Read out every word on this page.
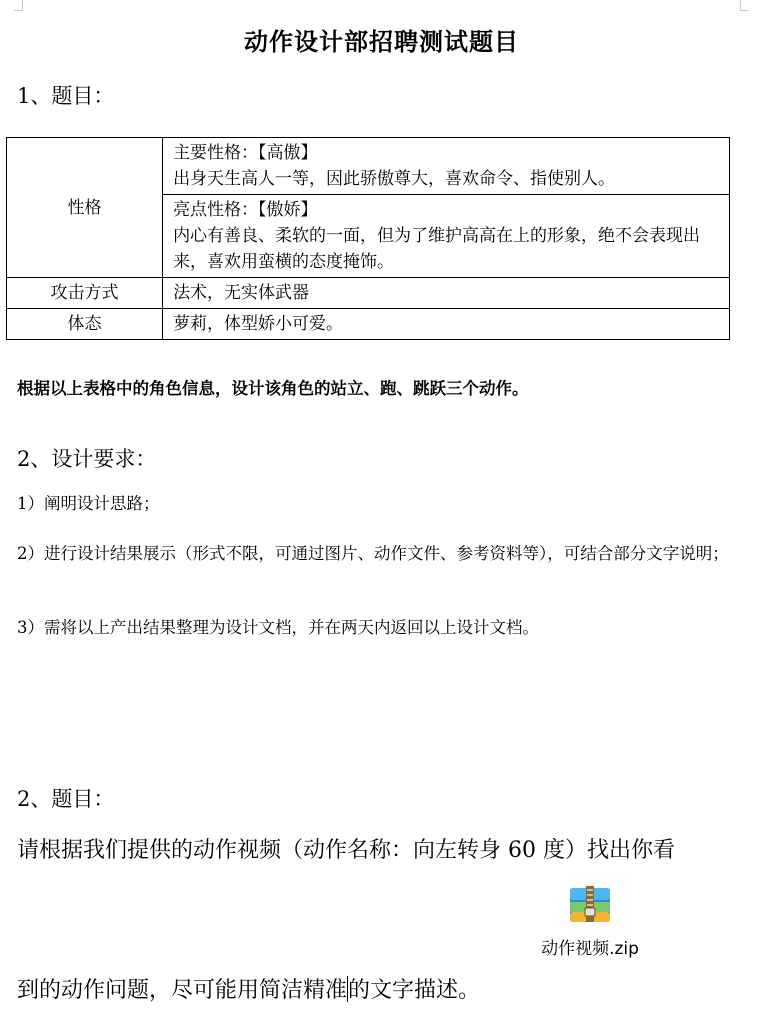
动作设计部招聘测试题目
1、题目：
性格	主要性格：【高傲】
出身天生高人一等，因此骄傲尊大，喜欢命令、指使别人。

	亮点性格：【傲娇】
内心有善良、柔软的一面，但为了维护高高在上的形象，绝不会表现出来，喜欢用蛮横的态度掩饰。

攻击方式	法术，无实体武器
体态	萝莉，体型娇小可爱。
根据以上表格中的角色信息，设计该角色的站立、跑、跳跃三个动作。
2、设计要求：
1）阐明设计思路；
2）进行设计结果展示（形式不限，可通过图片、动作文件、参考资料等），可结合部分文字说明；
3）需将以上产出结果整理为设计文档，并在两天内返回以上设计文档。
2、题目：
请根据我们提供的动作视频（动作名称：向左转身 60 度）找出你看
动作视频.zip
到的动作问题，尽可能用简洁精准的文字描述。
